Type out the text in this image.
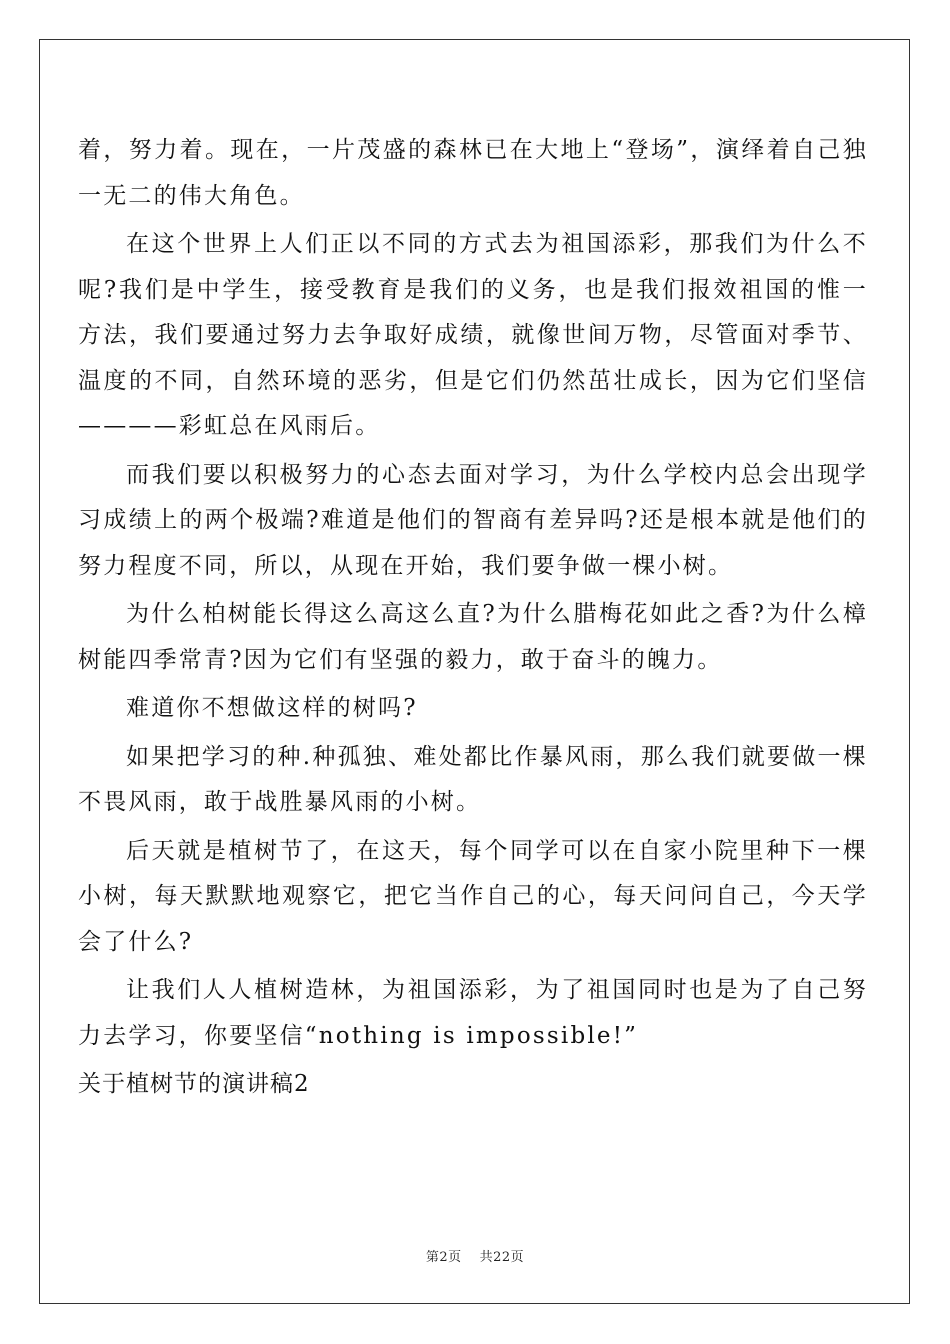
着，努力着。现在，一片茂盛的森林已在大地上“登场”，演绎着自己独一无二的伟大角色。

在这个世界上人们正以不同的方式去为祖国添彩，那我们为什么不呢?我们是中学生，接受教育是我们的义务，也是我们报效祖国的惟一方法，我们要通过努力去争取好成绩，就像世间万物，尽管面对季节、温度的不同，自然环境的恶劣，但是它们仍然茁壮成长，因为它们坚信————彩虹总在风雨后。

而我们要以积极努力的心态去面对学习，为什么学校内总会出现学习成绩上的两个极端?难道是他们的智商有差异吗?还是根本就是他们的努力程度不同，所以，从现在开始，我们要争做一棵小树。

为什么柏树能长得这么高这么直?为什么腊梅花如此之香?为什么樟树能四季常青?因为它们有坚强的毅力，敢于奋斗的魄力。

难道你不想做这样的树吗?

如果把学习的种.种孤独、难处都比作暴风雨，那么我们就要做一棵不畏风雨，敢于战胜暴风雨的小树。

后天就是植树节了，在这天，每个同学可以在自家小院里种下一棵小树，每天默默地观察它，把它当作自己的心，每天问问自己，今天学会了什么?

让我们人人植树造林，为祖国添彩，为了祖国同时也是为了自己努力去学习，你要坚信“nothing is impossible!”

关于植树节的演讲稿2

第2页 共22页
